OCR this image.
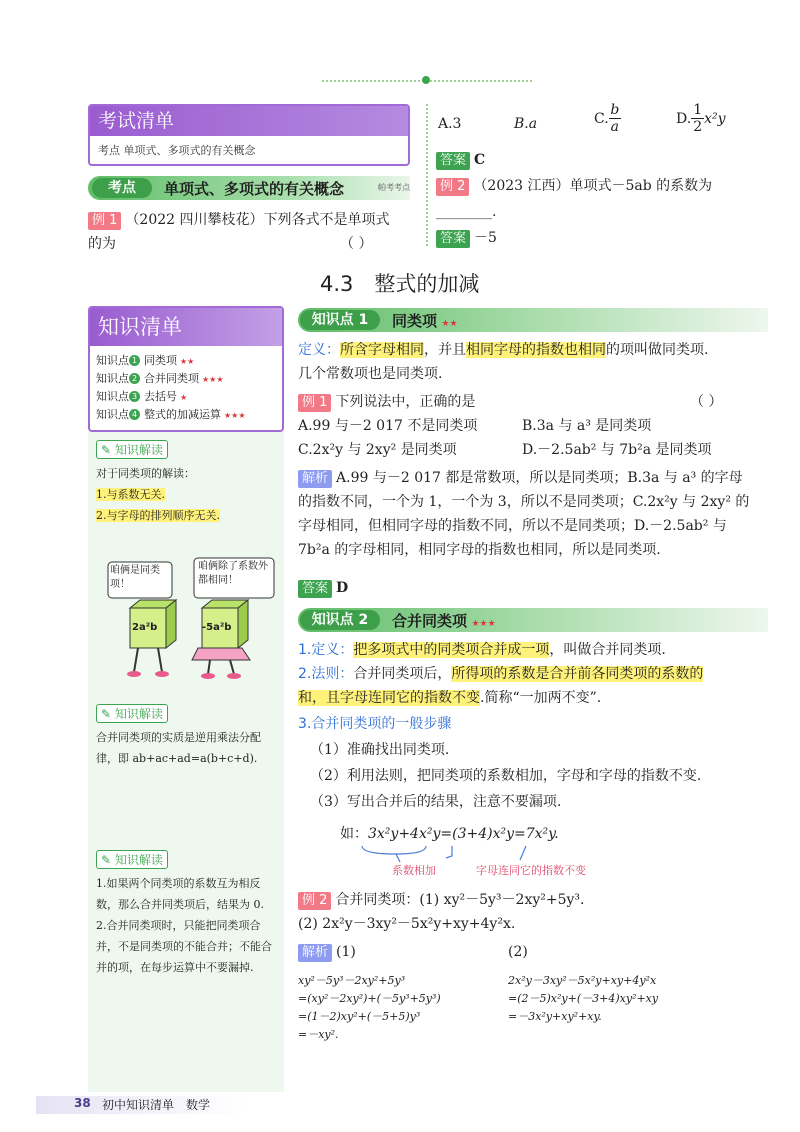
考试清单
考点 单项式、多项式的有关概念
考点	单项式、多项式的有关概念	帕考考点
例 1 （2022 四川攀枝花）下列各式不是单项式
的为	（ ）
A.3	B.a	C. $\frac{b}{a}$	D. $\frac{1}{2} x^2y$
答案 C
例 2 （2023 江西）单项式－5ab 的系数为
________.
答案 －5
4.3　整式的加减
知识清单
知识点 1 同类项 ★★
知识点 2 合并同类项 ★★★
知识点 3 去括号 ★
知识点 4 整式的加减运算 ★★★
✎ 知识解读
对于同类项的解读：
1.与系数无关.
2.与字母的排列顺序无关.
咱俩是同类项！
咱俩除了系数外都相同！
2a²b	-5a²b
✎ 知识解读
合并同类项的实质是逆用乘法分配律，即 ab+ac+ad=a(b+c+d).
✎ 知识解读
1.如果两个同类项的系数互为相反数，那么合并同类项后，结果为 0.
2.合并同类项时，只能把同类项合并，不是同类项的不能合并；不能合并的项，在每步运算中不要漏掉.
知识点 1	同类项 ★★
定义：所含字母相同，并且相同字母的指数也相同的项叫做同类项.
几个常数项也是同类项.
例 1 下列说法中，正确的是	（ ）
A.99 与－2 017 不是同类项	B.3a 与 a³ 是同类项
C.2x²y 与 2xy² 是同类项	D.－2.5ab² 与 7b²a 是同类项
解析 A.99 与－2 017 都是常数项，所以是同类项；B.3a 与 a³ 的字母
的指数不同，一个为 1，一个为 3，所以不是同类项；C.2x²y 与 2xy² 的
字母相同，但相同字母的指数不同，所以不是同类项；D.－2.5ab² 与
7b²a 的字母相同，相同字母的指数也相同，所以是同类项.
答案 D
知识点 2	合并同类项 ★★★
1.定义：把多项式中的同类项合并成一项，叫做合并同类项.
2.法则：合并同类项后，所得项的系数是合并前各同类项的系数的
和，且字母连同它的指数不变.简称“一加两不变”.
3.合并同类项的一般步骤
（1）准确找出同类项.
（2）利用法则，把同类项的系数相加，字母和字母的指数不变.
（3）写出合并后的结果，注意不要漏项.
如：3x²y+4x²y=(3+4)x²y=7x²y.
系数相加	字母连同它的指数不变
例 2 合并同类项：(1) xy²－5y³－2xy²+5y³.
(2) 2x²y－3xy²－5x²y+xy+4y²x.
解析 (1)	(2)
xy²－5y³－2xy²+5y³
=(xy²－2xy²)+(－5y³+5y³)
=(1－2)xy²+(－5+5)y³
=－xy².
2x²y－3xy²－5x²y+xy+4y²x
=(2－5)x²y+(－3+4)xy²+xy
=－3x²y+xy²+xy.
38 初中知识清单　数学
